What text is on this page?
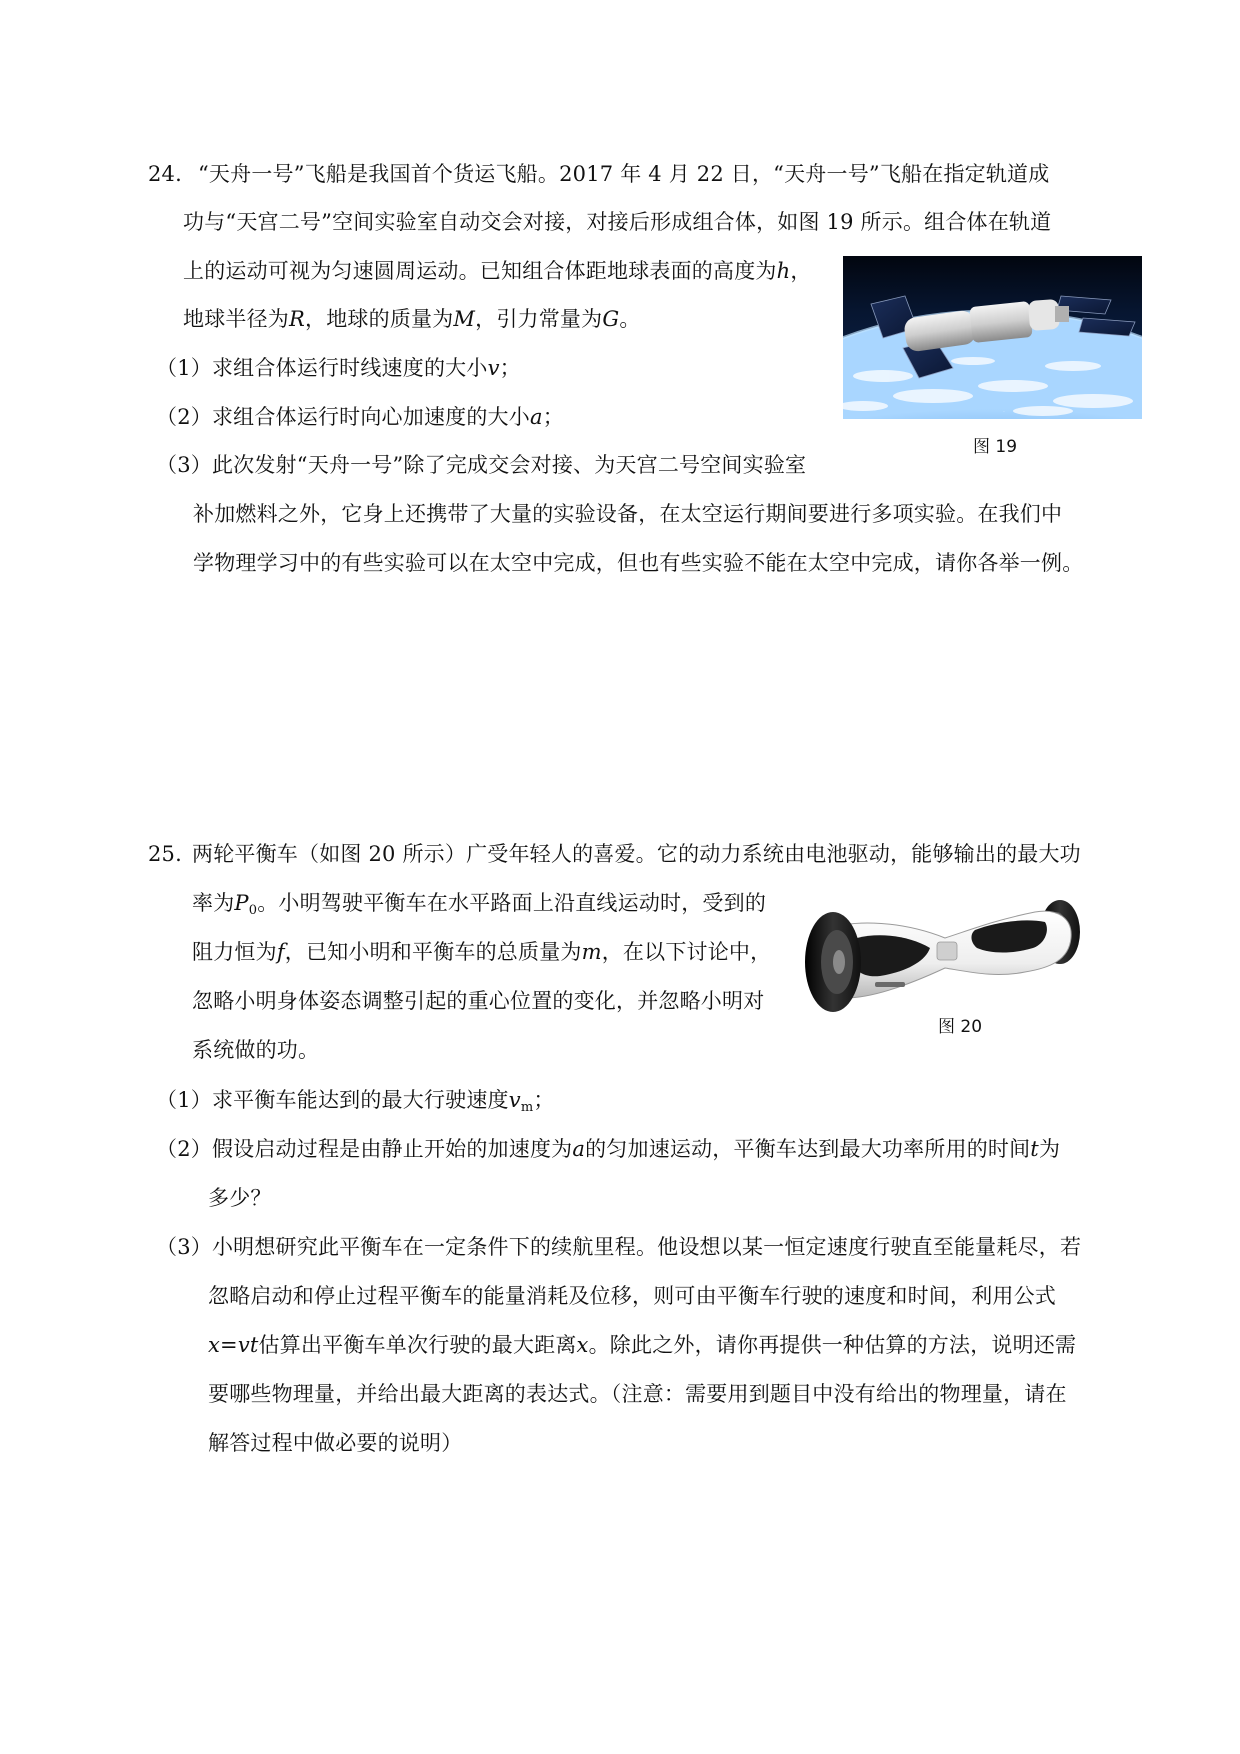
24. “天舟一号”飞船是我国首个货运飞船。2017 年 4 月 22 日，“天舟一号”飞船在指定轨道成
功与“天宫二号”空间实验室自动交会对接，对接后形成组合体，如图 19 所示。组合体在轨道
上的运动可视为匀速圆周运动。已知组合体距地球表面的高度为h，
地球半径为R，地球的质量为M，引力常量为G。
（1）求组合体运行时线速度的大小v；
（2）求组合体运行时向心加速度的大小a；
（3）此次发射“天舟一号”除了完成交会对接、为天宫二号空间实验室
补加燃料之外，它身上还携带了大量的实验设备，在太空运行期间要进行多项实验。在我们中
学物理学习中的有些实验可以在太空中完成，但也有些实验不能在太空中完成，请你各举一例。
·
图 19
25. 两轮平衡车（如图 20 所示）广受年轻人的喜爱。它的动力系统由电池驱动，能够输出的最大功
率为$P_0$。小明驾驶平衡车在水平路面上沿直线运动时，受到的
阻力恒为f，已知小明和平衡车的总质量为m，在以下讨论中，
忽略小明身体姿态调整引起的重心位置的变化，并忽略小明对
系统做的功。
（1）求平衡车能达到的最大行驶速度$v_m$；
（2）假设启动过程是由静止开始的加速度为a的匀加速运动，平衡车达到最大功率所用的时间t为
多少？
（3）小明想研究此平衡车在一定条件下的续航里程。他设想以某一恒定速度行驶直至能量耗尽，若
忽略启动和停止过程平衡车的能量消耗及位移，则可由平衡车行驶的速度和时间，利用公式
x=vt估算出平衡车单次行驶的最大距离x。除此之外，请你再提供一种估算的方法，说明还需
要哪些物理量，并给出最大距离的表达式。（注意：需要用到题目中没有给出的物理量，请在
解答过程中做必要的说明）
图 20
